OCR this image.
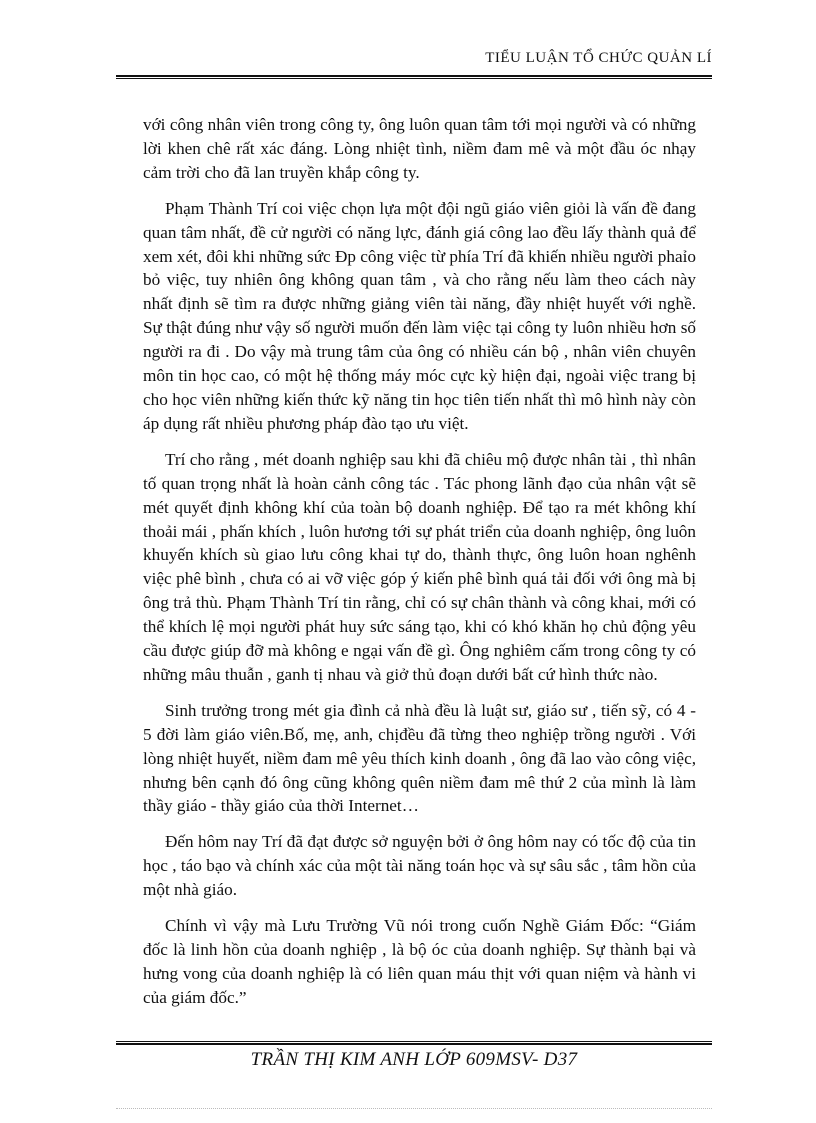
TIỂU LUẬN TỔ CHỨC QUẢN LÍ

với công nhân viên trong công ty, ông luôn quan tâm tới mọi người và có những lời khen chê rất xác đáng. Lòng nhiệt tình, niềm đam mê và một đầu óc nhạy cảm trời cho đã lan truyền khắp công ty.

Phạm Thành Trí coi việc chọn lựa một đội ngũ giáo viên giỏi là vấn đề đang quan tâm nhất, đề cử người có năng lực, đánh giá công lao đều lấy thành quả để xem xét, đôi khi những sức Đp công việc từ phía Trí đã khiến nhiều người phaỉo bỏ việc, tuy nhiên ông không quan tâm , và cho rằng nếu làm theo cách này nhất định sẽ tìm ra được những giảng viên tài năng, đầy nhiệt huyết với nghề. Sự thật đúng như vậy số người muốn đến làm việc tại công ty luôn nhiều hơn số người ra đi . Do vậy mà trung tâm của ông có nhiều cán bộ , nhân viên chuyên môn tin học cao, có một hệ thống máy móc cực kỳ hiện đại, ngoài việc trang bị cho học viên những kiến thức kỹ năng tin học tiên tiến nhất thì mô hình này còn áp dụng rất nhiều phương pháp đào tạo ưu việt.

Trí cho rằng , mét doanh nghiệp sau khi đã chiêu mộ được nhân tài , thì nhân tố quan trọng nhất là hoàn cảnh công tác . Tác phong lãnh đạo của nhân vật sẽ mét quyết định không khí của toàn bộ doanh nghiệp. Để tạo ra mét không khí thoải mái , phấn khích , luôn hương tới sự phát triển của doanh nghiệp, ông luôn khuyến khích sù giao lưu công khai tự do, thành thực, ông luôn hoan nghênh việc phê bình , chưa có ai vỡ việc góp ý kiến phê bình quá tải đối với ông mà bị ông trả thù. Phạm Thành Trí tin rằng, chỉ có sự chân thành và công khai, mới có thể khích lệ mọi người phát huy sức sáng tạo, khi có khó khăn họ chủ động yêu cầu được giúp đỡ mà không e ngại vấn đề gì. Ông nghiêm cấm trong công ty có những mâu thuẫn , ganh tị nhau và giở thủ đoạn dưới bất cứ hình thức nào.

Sinh trưởng trong mét gia đình cả nhà đều là luật sư, giáo sư , tiến sỹ, có 4 - 5 đời làm giáo viên.Bố, mẹ, anh, chịđều đã từng theo nghiệp trồng người . Với lòng nhiệt huyết, niềm đam mê yêu thích kinh doanh , ông đã lao vào công việc, nhưng bên cạnh đó ông cũng không quên niềm đam mê thứ 2 của mình là làm thầy giáo - thầy giáo của thời Internet…

Đến hôm nay Trí đã đạt được sở nguyện bởi ở ông hôm nay có tốc độ của tin học , táo bạo và chính xác của một tài năng toán học và sự sâu sắc , tâm hồn của một nhà giáo.

Chính vì vậy mà Lưu Trường Vũ nói trong cuốn Nghề Giám Đốc: “Giám đốc là linh hồn của doanh nghiệp , là bộ óc của doanh nghiệp. Sự thành bại và hưng vong của doanh nghiệp là có liên quan máu thịt với quan niệm và hành vi của giám đốc.”

TRẦN THỊ KIM ANH LỚP 609MSV- D37
